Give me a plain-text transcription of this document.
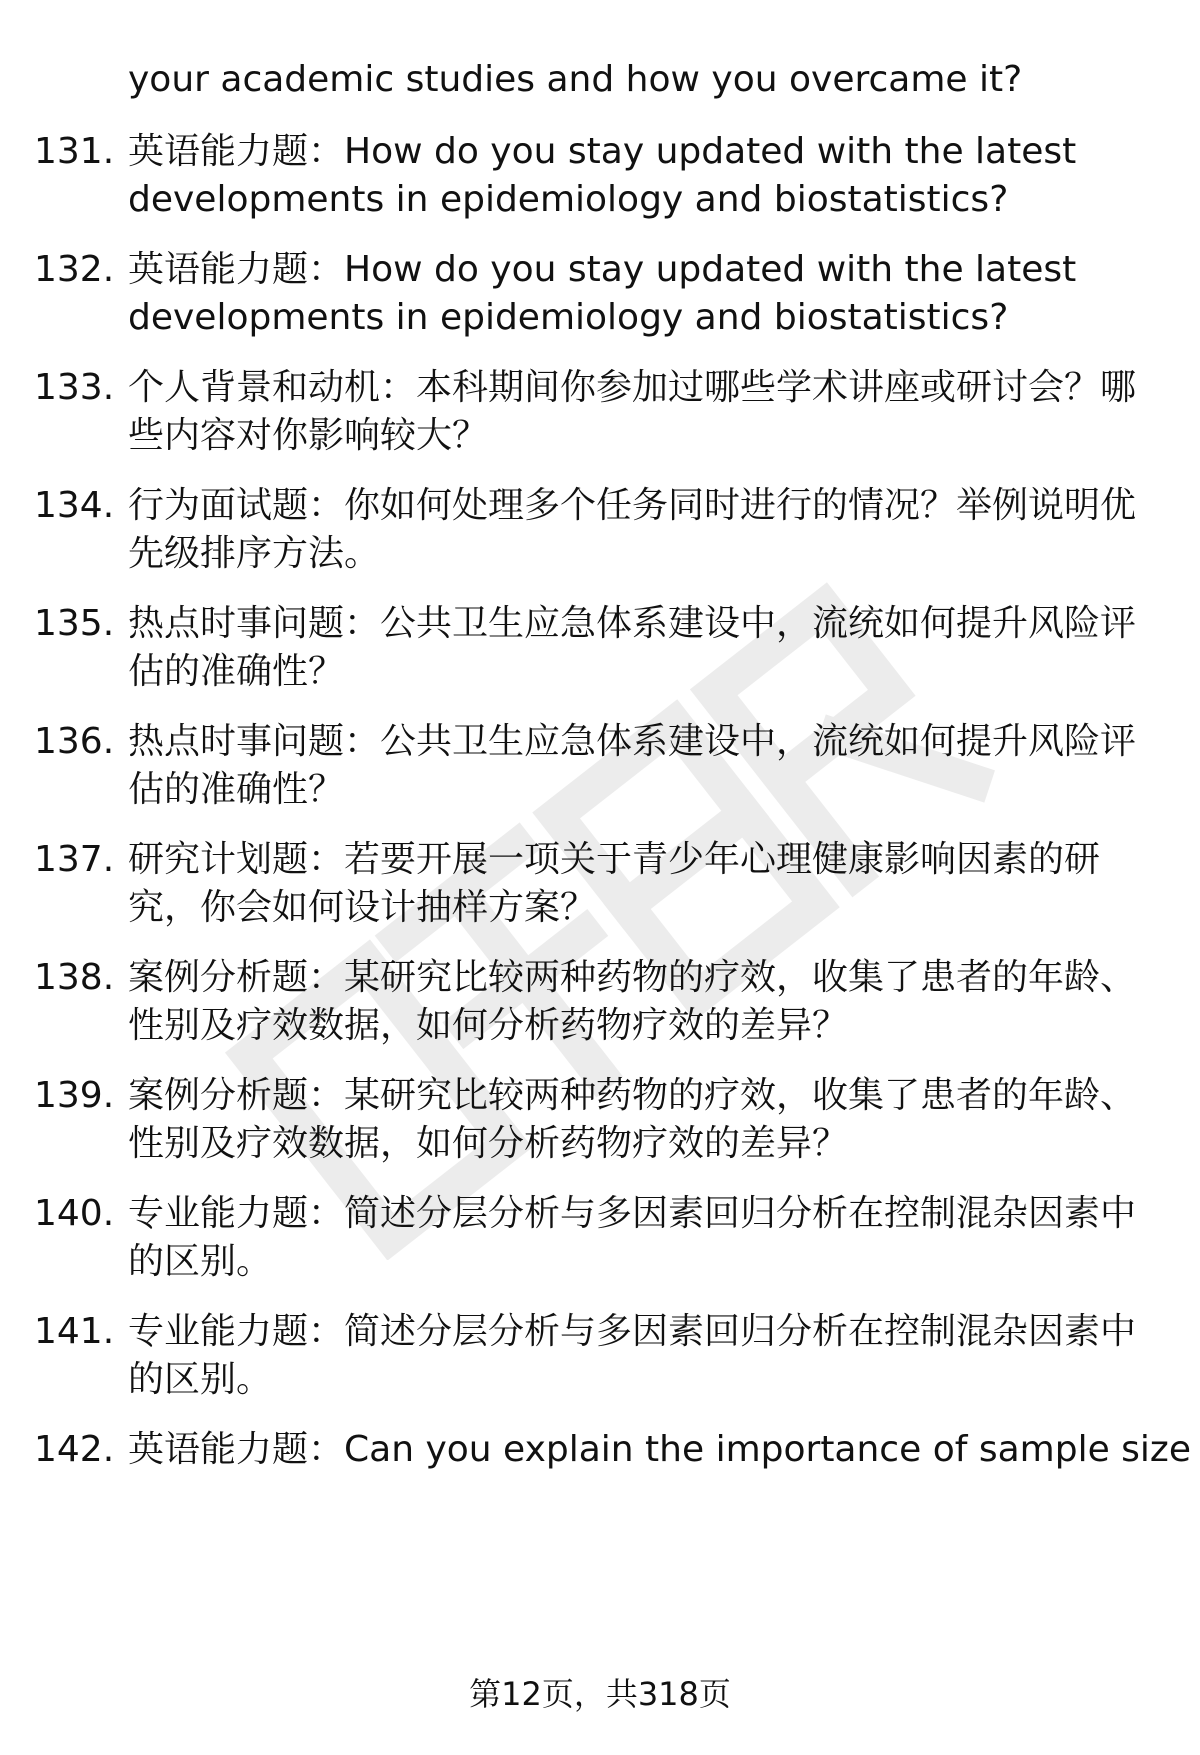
your academic studies and how you overcame it?
131. 英语能力题：How do you stay updated with the latest
developments in epidemiology and biostatistics?
132. 英语能力题：How do you stay updated with the latest
developments in epidemiology and biostatistics?
133. 个人背景和动机：本科期间你参加过哪些学术讲座或研讨会？哪
些内容对你影响较大？
134. 行为面试题：你如何处理多个任务同时进行的情况？举例说明优
先级排序方法。
135. 热点时事问题：公共卫生应急体系建设中，流统如何提升风险评
估的准确性？
136. 热点时事问题：公共卫生应急体系建设中，流统如何提升风险评
估的准确性？
137. 研究计划题：若要开展一项关于青少年心理健康影响因素的研
究，你会如何设计抽样方案？
138. 案例分析题：某研究比较两种药物的疗效，收集了患者的年龄、
性别及疗效数据，如何分析药物疗效的差异？
139. 案例分析题：某研究比较两种药物的疗效，收集了患者的年龄、
性别及疗效数据，如何分析药物疗效的差异？
140. 专业能力题：简述分层分析与多因素回归分析在控制混杂因素中
的区别。
141. 专业能力题：简述分层分析与多因素回归分析在控制混杂因素中
的区别。
142. 英语能力题：Can you explain the importance of sample size
第12页，共318页
